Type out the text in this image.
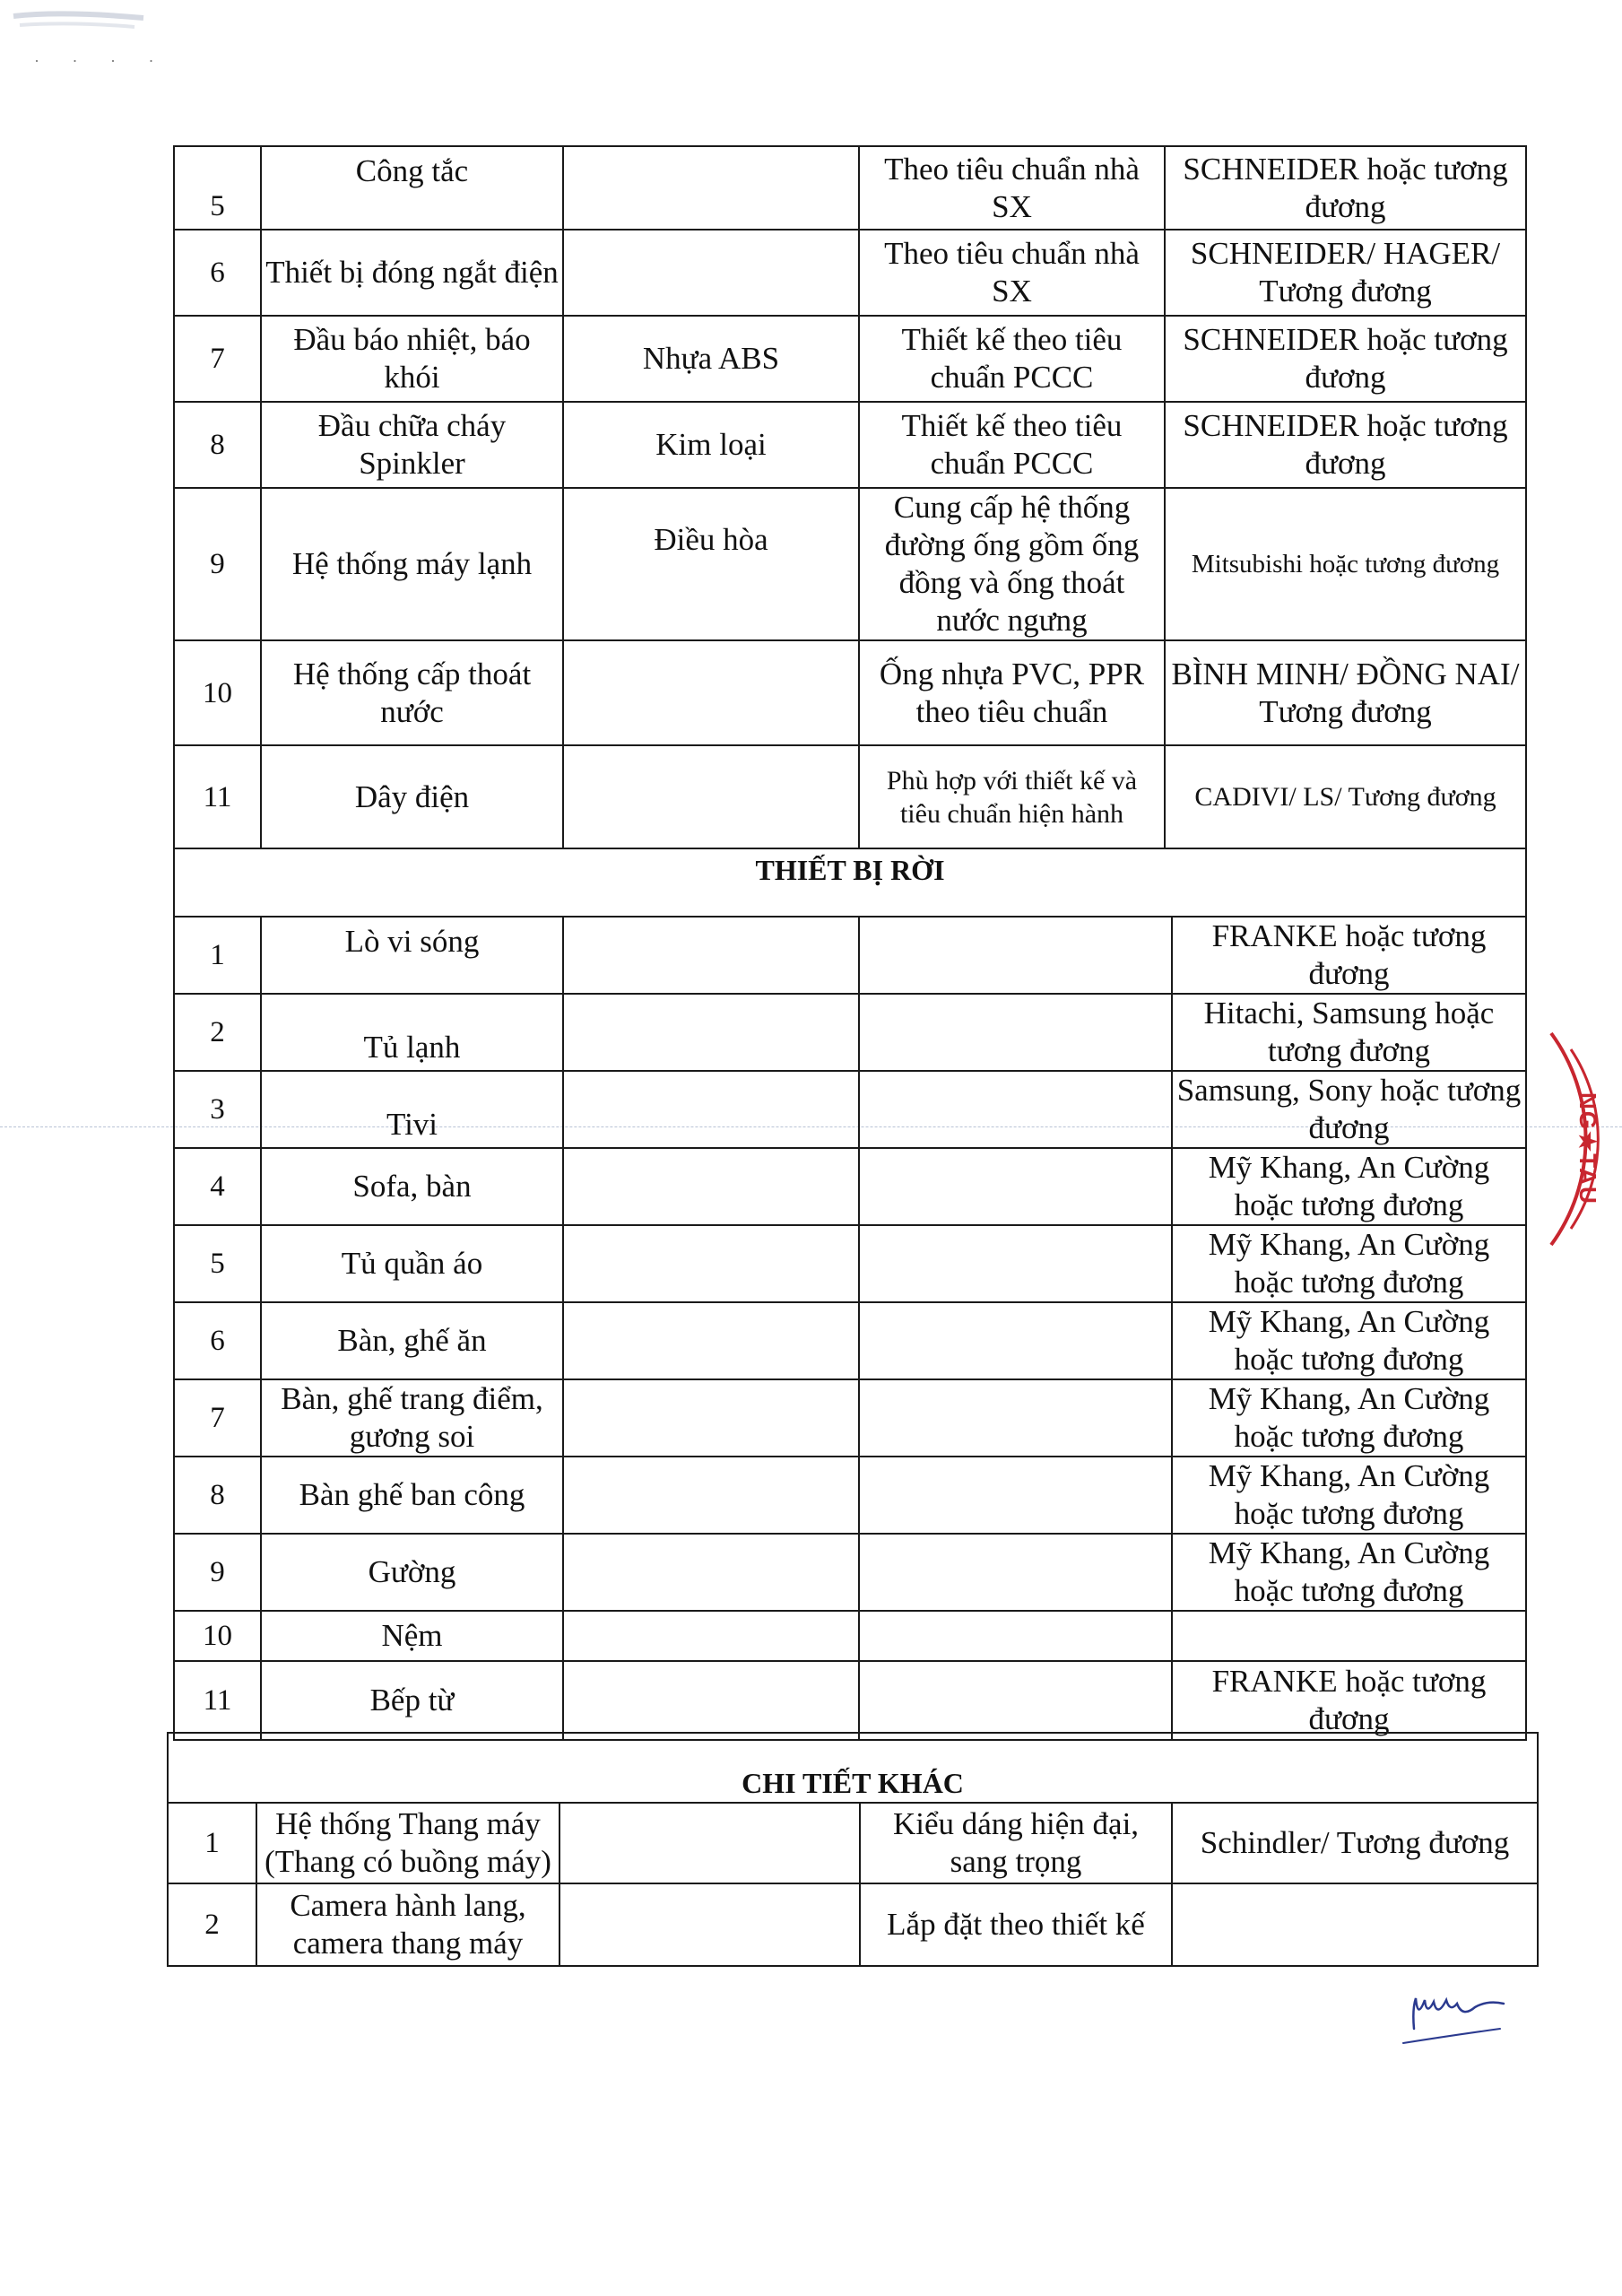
· · · ·
5	Công tắc		Theo tiêu chuẩn nhà SX	SCHNEIDER hoặc tương đương
6	Thiết bị đóng ngắt điện		Theo tiêu chuẩn nhà SX	SCHNEIDER/ HAGER/ Tương đương
7	Đầu báo nhiệt, báo khói	Nhựa ABS	Thiết kế theo tiêu chuẩn PCCC	SCHNEIDER hoặc tương đương
8	Đầu chữa cháy Spinkler	Kim loại	Thiết kế theo tiêu chuẩn PCCC	SCHNEIDER hoặc tương đương
9	Hệ thống máy lạnh	Điều hòa	Cung cấp hệ thống đường ống gồm ống đồng và ống thoát nước ngưng	Mitsubishi hoặc tương đương
10	Hệ thống cấp thoát nước		Ống nhựa PVC, PPR theo tiêu chuẩn	BÌNH MINH/ ĐỒNG NAI/ Tương đương
11	Dây điện		Phù hợp với thiết kế và tiêu chuẩn hiện hành	CADIVI/ LS/ Tương đương
THIẾT BỊ RỜI				
1	Lò vi sóng			FRANKE hoặc tương đương
2	Tủ lạnh			Hitachi, Samsung hoặc tương đương
3	Tivi			Samsung, Sony hoặc tương đương
4	Sofa, bàn			Mỹ Khang, An Cường hoặc tương đương
5	Tủ quần áo			Mỹ Khang, An Cường hoặc tương đương
6	Bàn, ghế ăn			Mỹ Khang, An Cường hoặc tương đương
7	Bàn, ghế trang điểm, gương soi			Mỹ Khang, An Cường hoặc tương đương
8	Bàn ghế ban công			Mỹ Khang, An Cường hoặc tương đương
9	Gường			Mỹ Khang, An Cường hoặc tương đương
10	Nệm			
11	Bếp từ			FRANKE hoặc tương đương
CHI TIẾT KHÁC				
1	Hệ thống Thang máy (Thang có buồng máy)		Kiểu dáng hiện đại, sang trọng	Schindler/ Tương đương
2	Camera hành lang, camera thang máy		Lắp đặt theo thiết kế	
NG★TAU
